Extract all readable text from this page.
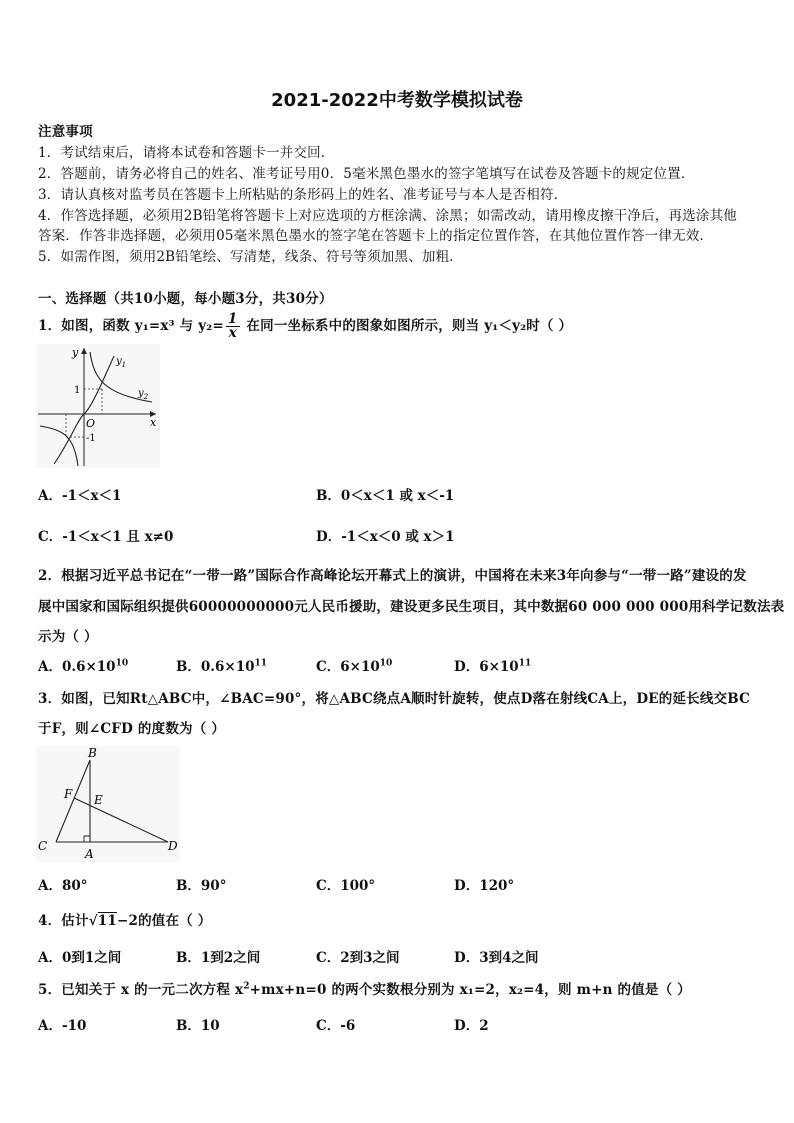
2021-2022中考数学模拟试卷
注意事项
1．考试结束后，请将本试卷和答题卡一并交回．
2．答题前，请务必将自己的姓名、准考证号用0．5毫米黑色墨水的签字笔填写在试卷及答题卡的规定位置．
3．请认真核对监考员在答题卡上所粘贴的条形码上的姓名、准考证号与本人是否相符．
4．作答选择题，必须用2B铅笔将答题卡上对应选项的方框涂满、涂黑；如需改动，请用橡皮擦干净后，再选涂其他
答案．作答非选择题，必须用05毫米黑色墨水的签字笔在答题卡上的指定位置作答，在其他位置作答一律无效．
5．如需作图，须用2B铅笔绘、写清楚，线条、符号等须加黑、加粗．
一、选择题（共10小题，每小题3分，共30分）
1．如图，函数 y₁=x³ 与 $y_2= \frac{1}{x}$ 在同一坐标系中的图象如图所示，则当 y₁＜y₂时（ ）
y
x
O
1
-1
$y_1$
$y_2$
A．-1＜x＜1	B．0＜x＜1 或 x＜-1
C．-1＜x＜1 且 x≠0	D．-1＜x＜0 或 x＞1
2．根据习近平总书记在“一带一路”国际合作高峰论坛开幕式上的演讲，中国将在未来3年向参与“一带一路”建设的发
展中国家和国际组织提供60000000000元人民币援助，建设更多民生项目，其中数据60 000 000 000用科学记数法表
示为（ ）
A．$0.6\times 10^{10}$	B．$0.6\times 10^{11}$	C．$6\times 10^{10}$	D．$6\times 10^{11}$
3．如图，已知Rt△ABC中，∠BAC=90°，将△ABC绕点A顺时针旋转，使点D落在射线CA上，DE的延长线交BC
于F，则∠CFD 的度数为（ ）
B
F E
C
A
D
A．80°	B．90°	C．100°	D．120°
4．估计√11−2的值在（ ）
A．0到1之间	B．1到2之间	C．2到3之间	D．3到4之间
5．已知关于 x 的一元二次方程 $x^2+mx+n=0$ 的两个实数根分别为 x₁=2，x₂=4，则 m+n 的值是（ ）
A．-10	B．10	C．-6	D．2
